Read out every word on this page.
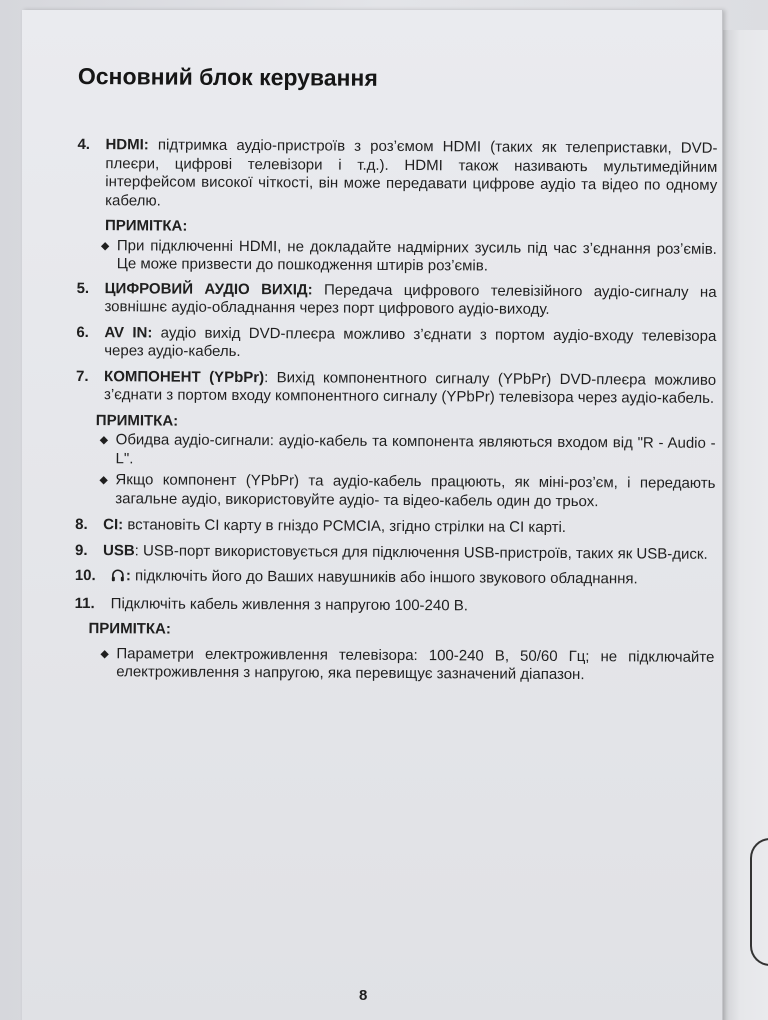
Основний блок керування
4. HDMI: підтримка аудіо-пристроїв з роз’ємом HDMI (таких як телеприставки, DVD-плеєри, цифрові телевізори і т.д.). HDMI також називають мультимедійним інтерфейсом високої чіткості, він може передавати цифрове аудіо та відео по одному кабелю.
ПРИМІТКА:
◆ При підключенні HDMI, не докладайте надмірних зусиль під час з’єднання роз’ємів. Це може призвести до пошкодження штирів роз’ємів.
5. ЦИФРОВИЙ АУДІО ВИХІД: Передача цифрового телевізійного аудіо-сигналу на зовнішнє аудіо-обладнання через порт цифрового аудіо-виходу.
6. AV IN: аудіо вихід DVD-плеєра можливо з’єднати з портом аудіо-входу телевізора через аудіо-кабель.
7. КОМПОНЕНТ (YPbPr): Вихід компонентного сигналу (YPbPr) DVD-плеєра можливо з’єднати з портом входу компонентного сигналу (YPbPr) телевізора через аудіо-кабель.
ПРИМІТКА:
◆ Обидва аудіо-сигнали: аудіо-кабель та компонента являються входом від "R - Audio - L".
◆ Якщо компонент (YPbPr) та аудіо-кабель працюють, як міні-роз’єм, і передають загальне аудіо, використовуйте аудіо- та відео-кабель один до трьох.
8. CI: встановіть CI карту в гніздо PCMCIA, згідно стрілки на CI карті.
9. USB: USB-порт використовується для підключення USB-пристроїв, таких як USB-диск.
10. : підключіть його до Ваших навушників або іншого звукового обладнання.
11. Підключіть кабель живлення з напругою 100-240 В.
ПРИМІТКА:
◆ Параметри електроживлення телевізора: 100-240 В, 50/60 Гц; не підключайте електроживлення з напругою, яка перевищує зазначений діапазон.
8
